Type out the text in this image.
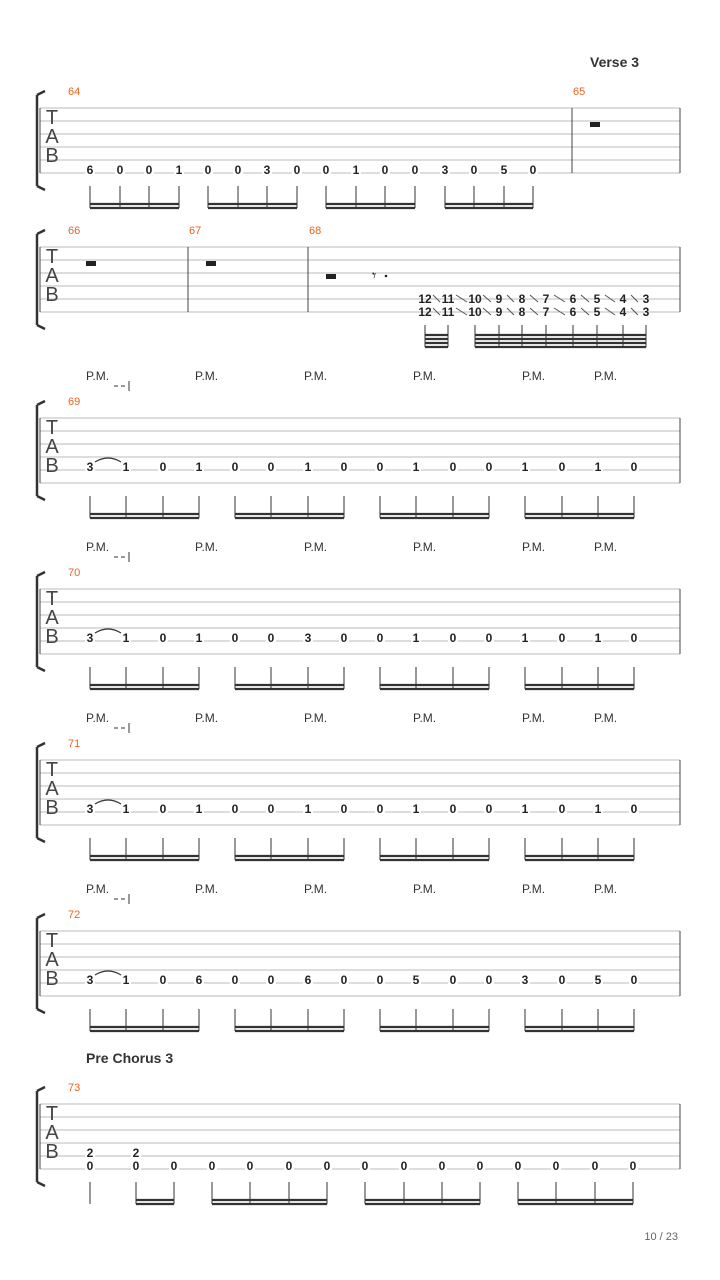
Verse 3
Pre Chorus 3
T
A
B
64
6 0 0 1 0 0 3 0 0 1 0 0 3 0 5 0
65
T
A
B
66	67	68
𝄾
12
12
11
11
10
10
9
9
8
8
7
7
6
6
5
5
4
4
3
3
T
A
B
P.M.	P.M.	P.M.	P.M.	P.M.	P.M.
69
3 1	0 1 0 0	1 0 0 1	0 0 1	0 1 0
T
A
B
P.M.	P.M.	P.M.	P.M.	P.M.	P.M.
70
3 1	0 1 0 0	3 0 0 1	0 0 1	0 1 0
T
A
B
P.M.	P.M.	P.M.	P.M.	P.M.	P.M.
71
3 1	0 1 0 0	1 0 0 1	0 0 1	0 1 0
T
A
B
P.M.	P.M.	P.M.	P.M.	P.M.	P.M.
72
3 1	0 6 0 0	6 0 0 5	0 0 3	0 5 0
T
A
B
73
2
0
2
0	0	0	0	0	0	0	0	0	0	0	0	0	0
10 / 23
